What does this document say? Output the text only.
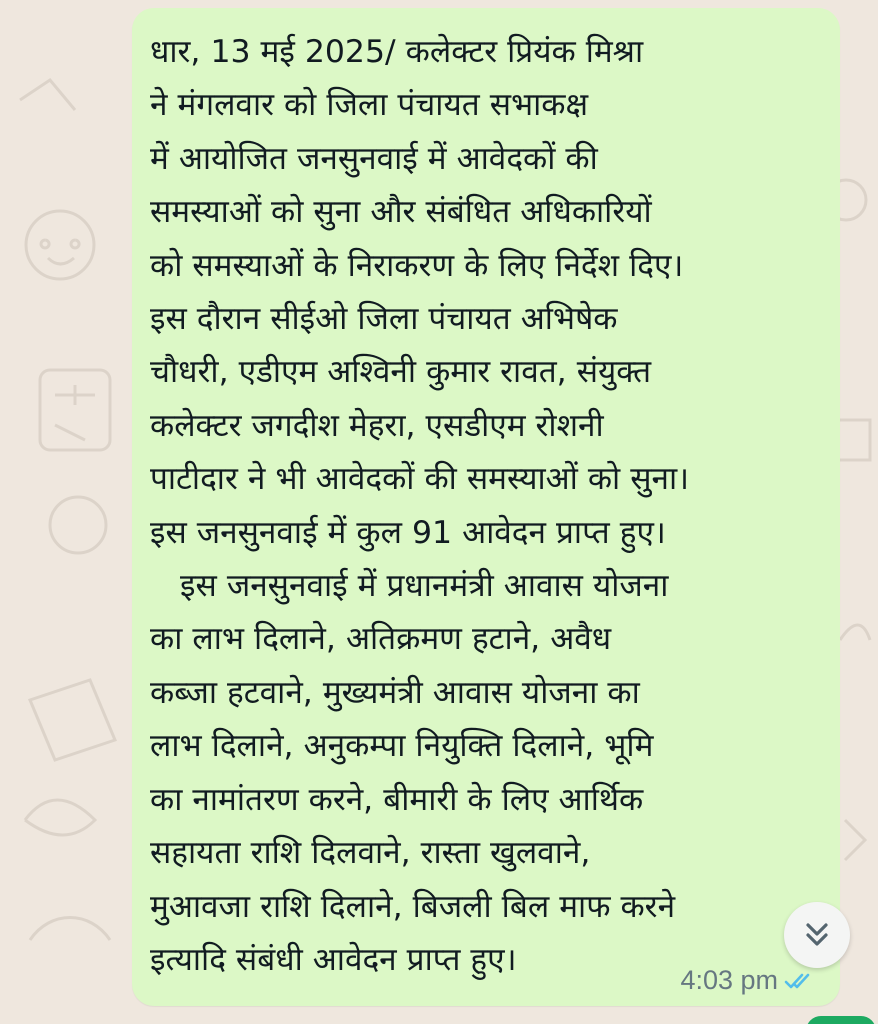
धार, 13 मई 2025/ कलेक्टर प्रियंक मिश्रा
ने मंगलवार को जिला पंचायत सभाकक्ष
में आयोजित जनसुनवाई में आवेदकों की
समस्याओं को सुना और संबंधित अधिकारियों
को समस्याओं के निराकरण के लिए निर्देश दिए।
इस दौरान सीईओ जिला पंचायत अभिषेक
चौधरी, एडीएम अश्विनी कुमार रावत, संयुक्त
कलेक्टर जगदीश मेहरा, एसडीएम रोशनी
पाटीदार ने भी आवेदकों की समस्याओं को सुना।
इस जनसुनवाई में कुल 91 आवेदन प्राप्त हुए।
इस जनसुनवाई में प्रधानमंत्री आवास योजना
का लाभ दिलाने, अतिक्रमण हटाने, अवैध
कब्जा हटवाने, मुख्यमंत्री आवास योजना का
लाभ दिलाने, अनुकम्पा नियुक्ति दिलाने, भूमि
का नामांतरण करने, बीमारी के लिए आर्थिक
सहायता राशि दिलवाने, रास्ता खुलवाने,
मुआवजा राशि दिलाने, बिजली बिल माफ करने
इत्यादि संबंधी आवेदन प्राप्त हुए।

4:03 pm
